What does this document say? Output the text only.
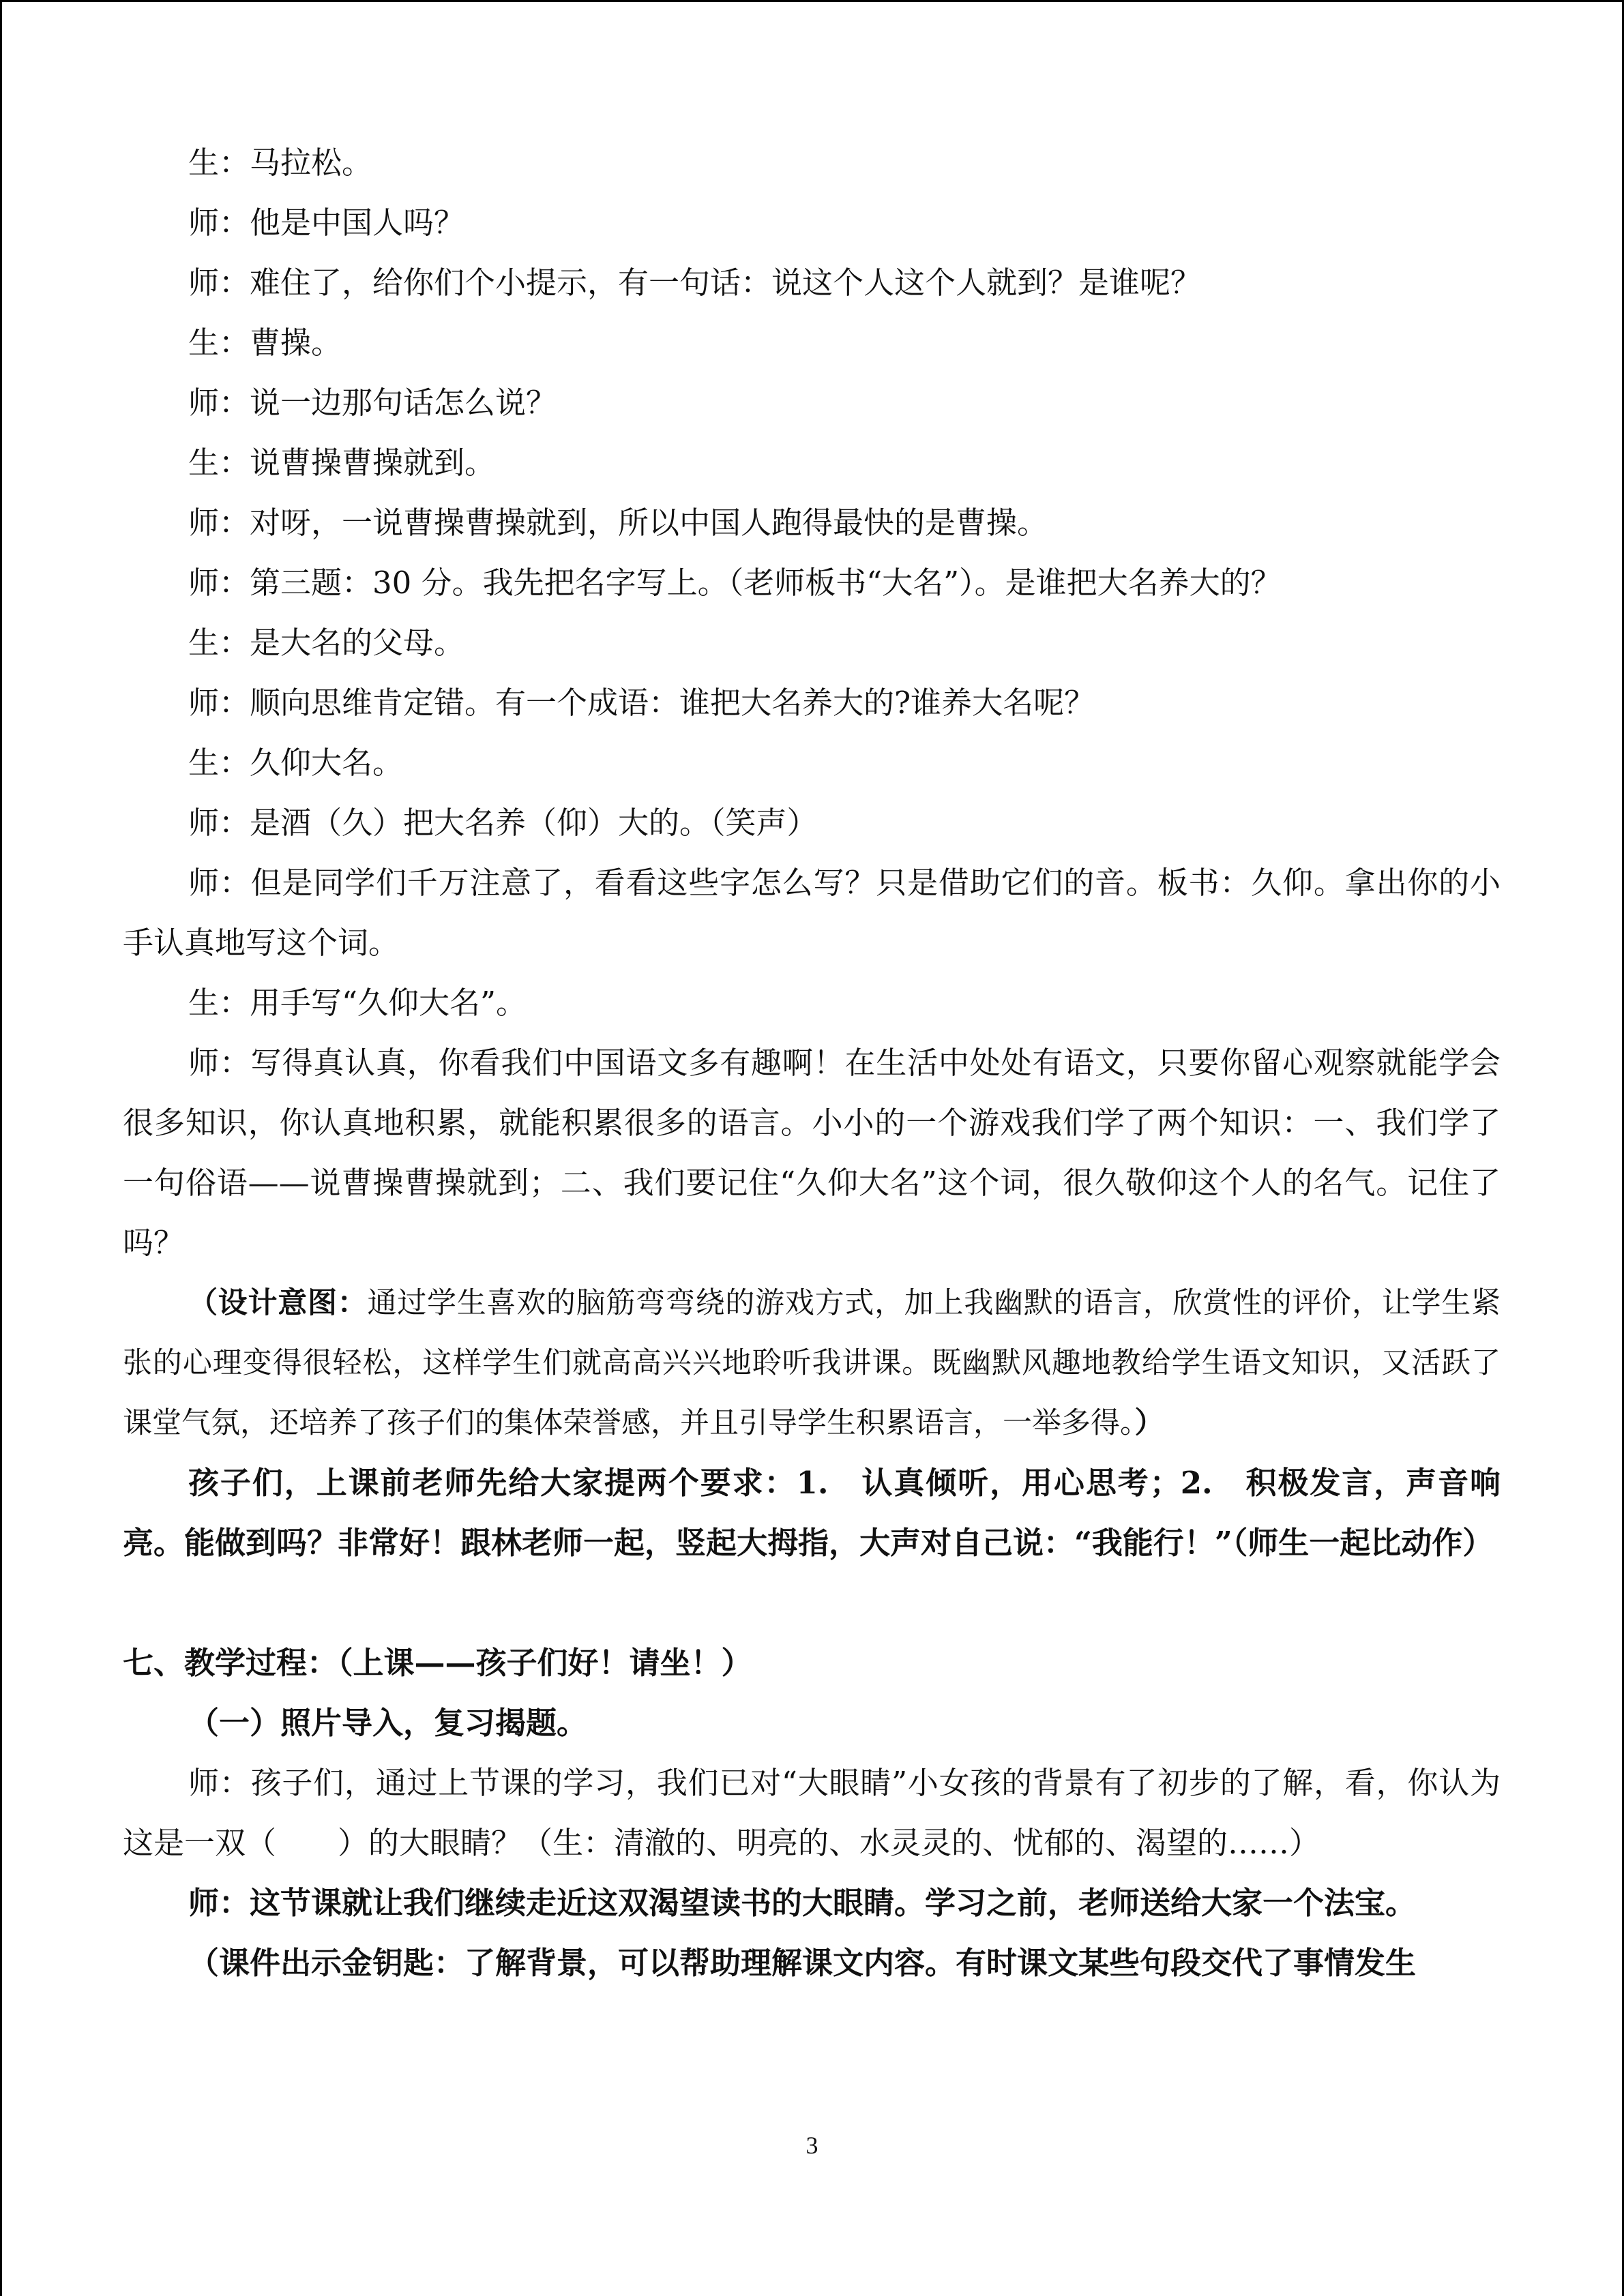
生：马拉松。

师：他是中国人吗？

师：难住了，给你们个小提示，有一句话：说这个人这个人就到？是谁呢？

生：曹操。

师：说一边那句话怎么说？

生：说曹操曹操就到。

师：对呀，一说曹操曹操就到，所以中国人跑得最快的是曹操。

师：第三题：30 分。我先把名字写上。（老师板书“大名”）。是谁把大名养大的？

生：是大名的父母。

师：顺向思维肯定错。有一个成语：谁把大名养大的?谁养大名呢？

生：久仰大名。

师：是酒（久）把大名养（仰）大的。（笑声）

师：但是同学们千万注意了，看看这些字怎么写？只是借助它们的音。板书：久仰。拿出你的小手认真地写这个词。

生：用手写“久仰大名”。

师：写得真认真，你看我们中国语文多有趣啊！在生活中处处有语文，只要你留心观察就能学会很多知识，你认真地积累，就能积累很多的语言。小小的一个游戏我们学了两个知识：一、我们学了一句俗语——说曹操曹操就到；二、我们要记住“久仰大名”这个词，很久敬仰这个人的名气。记住了吗？

（设计意图：通过学生喜欢的脑筋弯弯绕的游戏方式，加上我幽默的语言，欣赏性的评价，让学生紧张的心理变得很轻松，这样学生们就高高兴兴地聆听我讲课。既幽默风趣地教给学生语文知识，又活跃了课堂气氛，还培养了孩子们的集体荣誉感，并且引导学生积累语言，一举多得。）

孩子们，上课前老师先给大家提两个要求：1.　认真倾听，用心思考；2.　积极发言，声音响亮。能做到吗？非常好！跟林老师一起，竖起大拇指，大声对自己说：“我能行！”（师生一起比动作）

七、教学过程：（上课——孩子们好！请坐！）

（一）照片导入，复习揭题。

师：孩子们，通过上节课的学习，我们已对“大眼睛”小女孩的背景有了初步的了解，看，你认为这是一双（　　）的大眼睛？（生：清澈的、明亮的、水灵灵的、忧郁的、渴望的……）

师：这节课就让我们继续走近这双渴望读书的大眼睛。学习之前，老师送给大家一个法宝。

（课件出示金钥匙：了解背景，可以帮助理解课文内容。有时课文某些句段交代了事情发生

3
